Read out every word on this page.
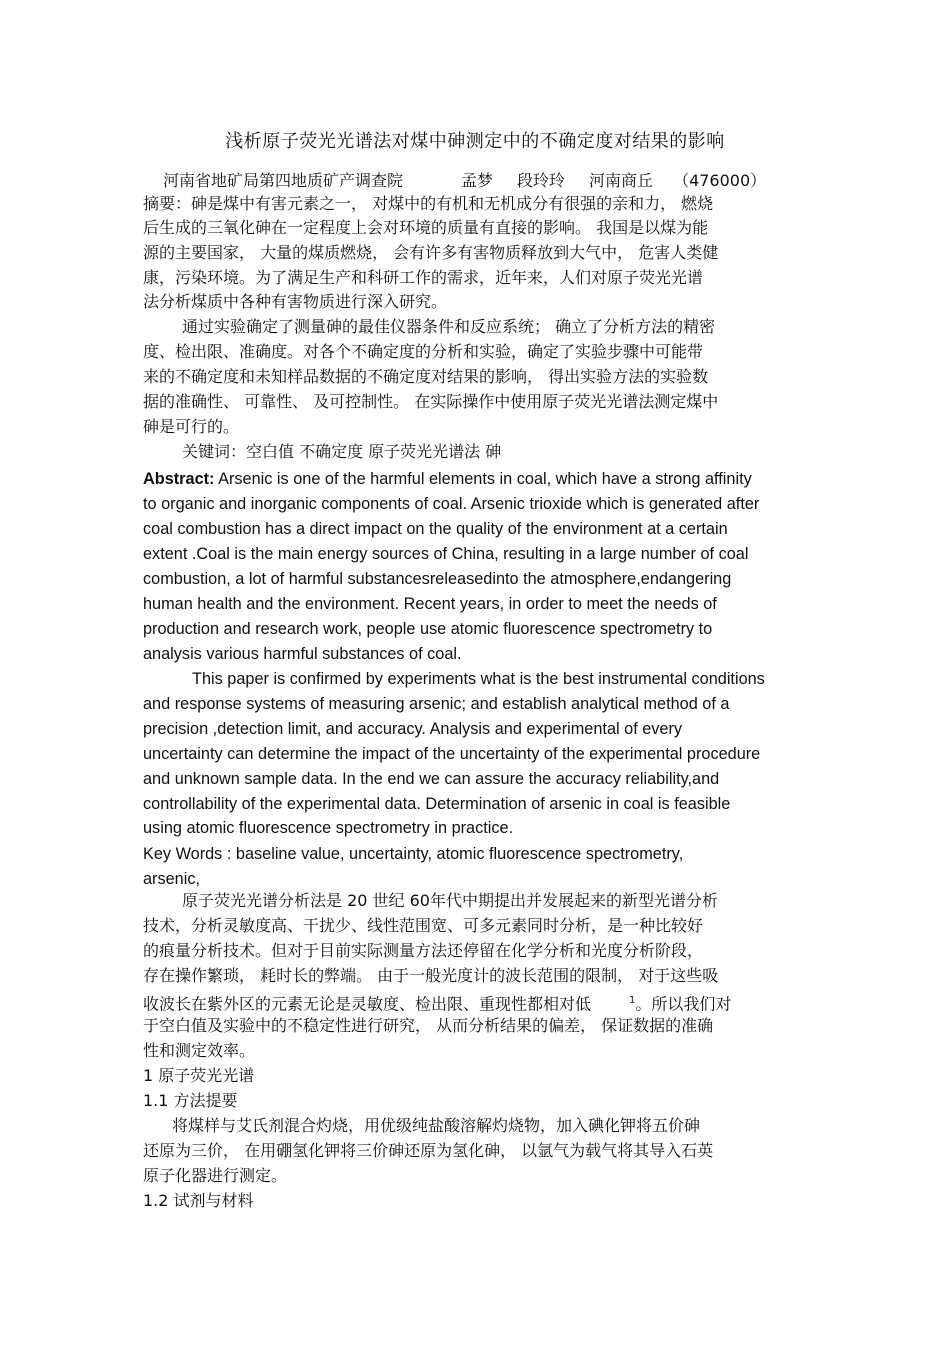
浅析原子荧光光谱法对煤中砷测定中的不确定度对结果的影响
河南省地矿局第四地质矿产调查院	孟梦 段玲玲 河南商丘 （476000）
摘要：砷是煤中有害元素之一， 对煤中的有机和无机成分有很强的亲和力， 燃烧
后生成的三氧化砷在一定程度上会对环境的质量有直接的影响。 我国是以煤为能
源的主要国家， 大量的煤质燃烧， 会有许多有害物质释放到大气中， 危害人类健
康，污染环境。为了满足生产和科研工作的需求，近年来，人们对原子荧光光谱
法分析煤质中各种有害物质进行深入研究。
通过实验确定了测量砷的最佳仪器条件和反应系统； 确立了分析方法的精密
度、检出限、准确度。对各个不确定度的分析和实验，确定了实验步骤中可能带
来的不确定度和未知样品数据的不确定度对结果的影响， 得出实验方法的实验数
据的准确性、 可靠性、 及可控制性。 在实际操作中使用原子荧光光谱法测定煤中
砷是可行的。
关键词：空白值 不确定度 原子荧光光谱法 砷
Abstract: Arsenic is one of the harmful elements in coal, which have a strong affinity
to organic and inorganic components of coal. Arsenic trioxide which is generated after
coal combustion has a direct impact on the quality of the environment at a certain
extent .Coal is the main energy sources of China, resulting in a large number of coal
combustion, a lot of harmful substancesreleasedinto the atmosphere,endangering
human health and the environment. Recent years, in order to meet the needs of
production and research work, people use atomic fluorescence spectrometry to
analysis various harmful substances of coal.
This paper is confirmed by experiments what is the best instrumental conditions
and response systems of measuring arsenic; and establish analytical method of a
precision ,detection limit, and accuracy. Analysis and experimental of every
uncertainty can determine the impact of the uncertainty of the experimental procedure
and unknown sample data. In the end we can assure the accuracy reliability,and
controllability of the experimental data. Determination of arsenic in coal is feasible
using atomic fluorescence spectrometry in practice.
Key Words : baseline value, uncertainty, atomic fluorescence spectrometry,
arsenic,
原子荧光光谱分析法是 20 世纪 60年代中期提出并发展起来的新型光谱分析
技术，分析灵敏度高、干扰少、线性范围宽、可多元素同时分析，是一种比较好
的痕量分析技术。但对于目前实际测量方法还停留在化学分析和光度分析阶段，
存在操作繁琐， 耗时长的弊端。 由于一般光度计的波长范围的限制， 对于这些吸
收波长在紫外区的元素无论是灵敏度、检出限、重现性都相对低	$^1$。所以我们对
于空白值及实验中的不稳定性进行研究， 从而分析结果的偏差， 保证数据的准确
性和测定效率。
1 原子荧光光谱
1.1 方法提要
将煤样与艾氏剂混合灼烧，用优级纯盐酸溶解灼烧物，加入碘化钾将五价砷
还原为三价， 在用硼氢化钾将三价砷还原为氢化砷， 以氩气为载气将其导入石英
原子化器进行测定。
1.2 试剂与材料
